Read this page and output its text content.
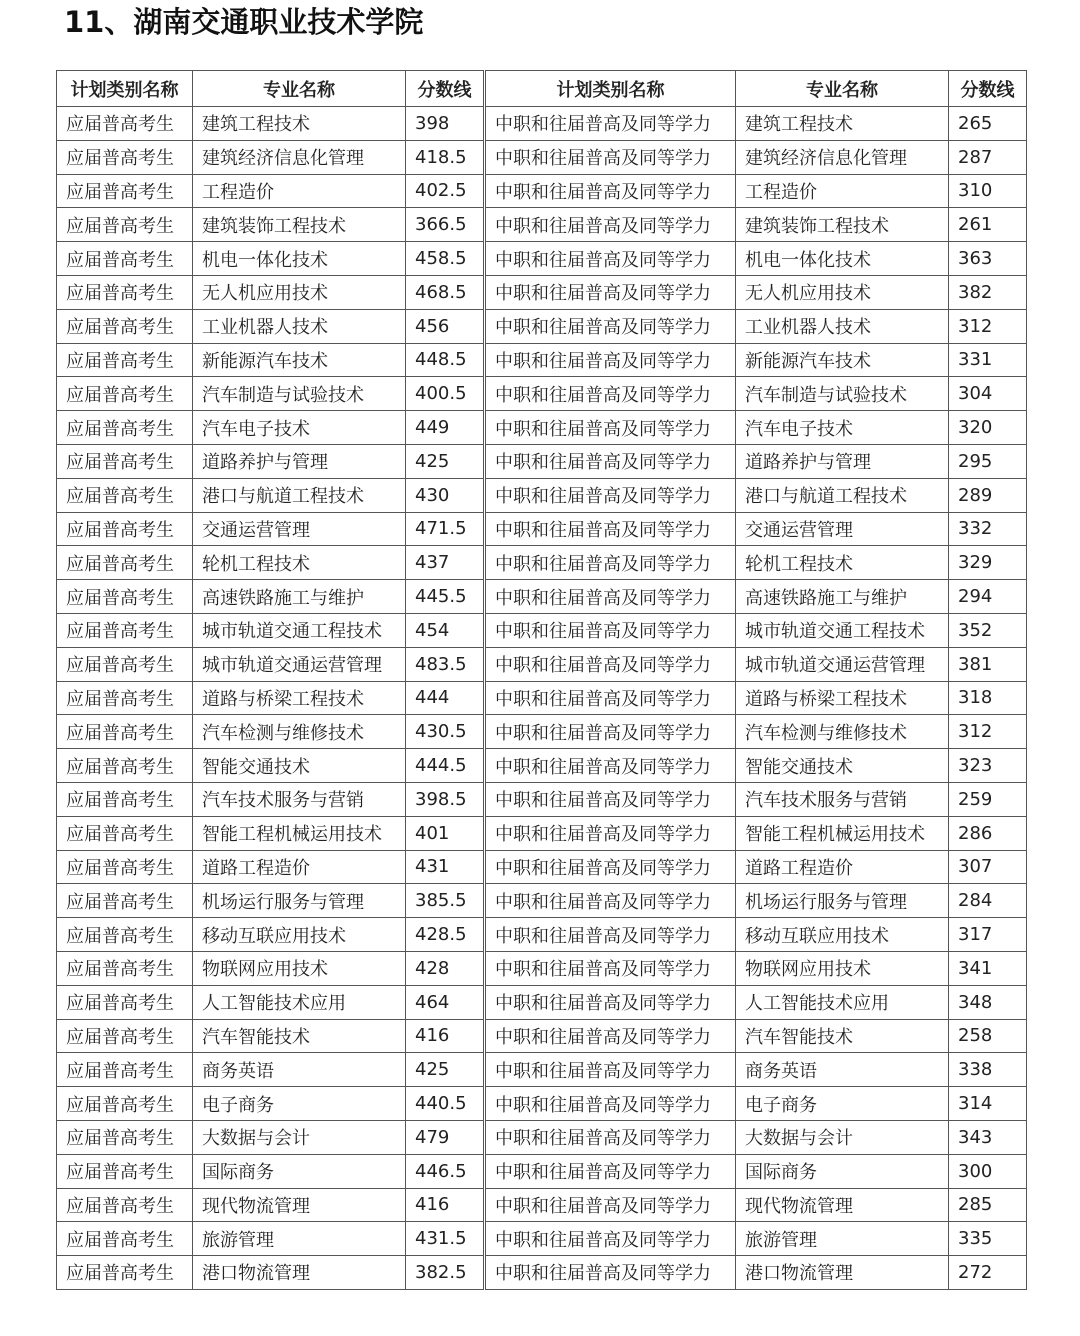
11、湖南交通职业技术学院
计划类别名称	专业名称	分数线	计划类别名称	专业名称	分数线
应届普高考生	建筑工程技术	398	中职和往届普高及同等学力	建筑工程技术	265
应届普高考生	建筑经济信息化管理	418.5	中职和往届普高及同等学力	建筑经济信息化管理	287
应届普高考生	工程造价	402.5	中职和往届普高及同等学力	工程造价	310
应届普高考生	建筑装饰工程技术	366.5	中职和往届普高及同等学力	建筑装饰工程技术	261
应届普高考生	机电一体化技术	458.5	中职和往届普高及同等学力	机电一体化技术	363
应届普高考生	无人机应用技术	468.5	中职和往届普高及同等学力	无人机应用技术	382
应届普高考生	工业机器人技术	456	中职和往届普高及同等学力	工业机器人技术	312
应届普高考生	新能源汽车技术	448.5	中职和往届普高及同等学力	新能源汽车技术	331
应届普高考生	汽车制造与试验技术	400.5	中职和往届普高及同等学力	汽车制造与试验技术	304
应届普高考生	汽车电子技术	449	中职和往届普高及同等学力	汽车电子技术	320
应届普高考生	道路养护与管理	425	中职和往届普高及同等学力	道路养护与管理	295
应届普高考生	港口与航道工程技术	430	中职和往届普高及同等学力	港口与航道工程技术	289
应届普高考生	交通运营管理	471.5	中职和往届普高及同等学力	交通运营管理	332
应届普高考生	轮机工程技术	437	中职和往届普高及同等学力	轮机工程技术	329
应届普高考生	高速铁路施工与维护	445.5	中职和往届普高及同等学力	高速铁路施工与维护	294
应届普高考生	城市轨道交通工程技术	454	中职和往届普高及同等学力	城市轨道交通工程技术	352
应届普高考生	城市轨道交通运营管理	483.5	中职和往届普高及同等学力	城市轨道交通运营管理	381
应届普高考生	道路与桥梁工程技术	444	中职和往届普高及同等学力	道路与桥梁工程技术	318
应届普高考生	汽车检测与维修技术	430.5	中职和往届普高及同等学力	汽车检测与维修技术	312
应届普高考生	智能交通技术	444.5	中职和往届普高及同等学力	智能交通技术	323
应届普高考生	汽车技术服务与营销	398.5	中职和往届普高及同等学力	汽车技术服务与营销	259
应届普高考生	智能工程机械运用技术	401	中职和往届普高及同等学力	智能工程机械运用技术	286
应届普高考生	道路工程造价	431	中职和往届普高及同等学力	道路工程造价	307
应届普高考生	机场运行服务与管理	385.5	中职和往届普高及同等学力	机场运行服务与管理	284
应届普高考生	移动互联应用技术	428.5	中职和往届普高及同等学力	移动互联应用技术	317
应届普高考生	物联网应用技术	428	中职和往届普高及同等学力	物联网应用技术	341
应届普高考生	人工智能技术应用	464	中职和往届普高及同等学力	人工智能技术应用	348
应届普高考生	汽车智能技术	416	中职和往届普高及同等学力	汽车智能技术	258
应届普高考生	商务英语	425	中职和往届普高及同等学力	商务英语	338
应届普高考生	电子商务	440.5	中职和往届普高及同等学力	电子商务	314
应届普高考生	大数据与会计	479	中职和往届普高及同等学力	大数据与会计	343
应届普高考生	国际商务	446.5	中职和往届普高及同等学力	国际商务	300
应届普高考生	现代物流管理	416	中职和往届普高及同等学力	现代物流管理	285
应届普高考生	旅游管理	431.5	中职和往届普高及同等学力	旅游管理	335
应届普高考生	港口物流管理	382.5	中职和往届普高及同等学力	港口物流管理	272
